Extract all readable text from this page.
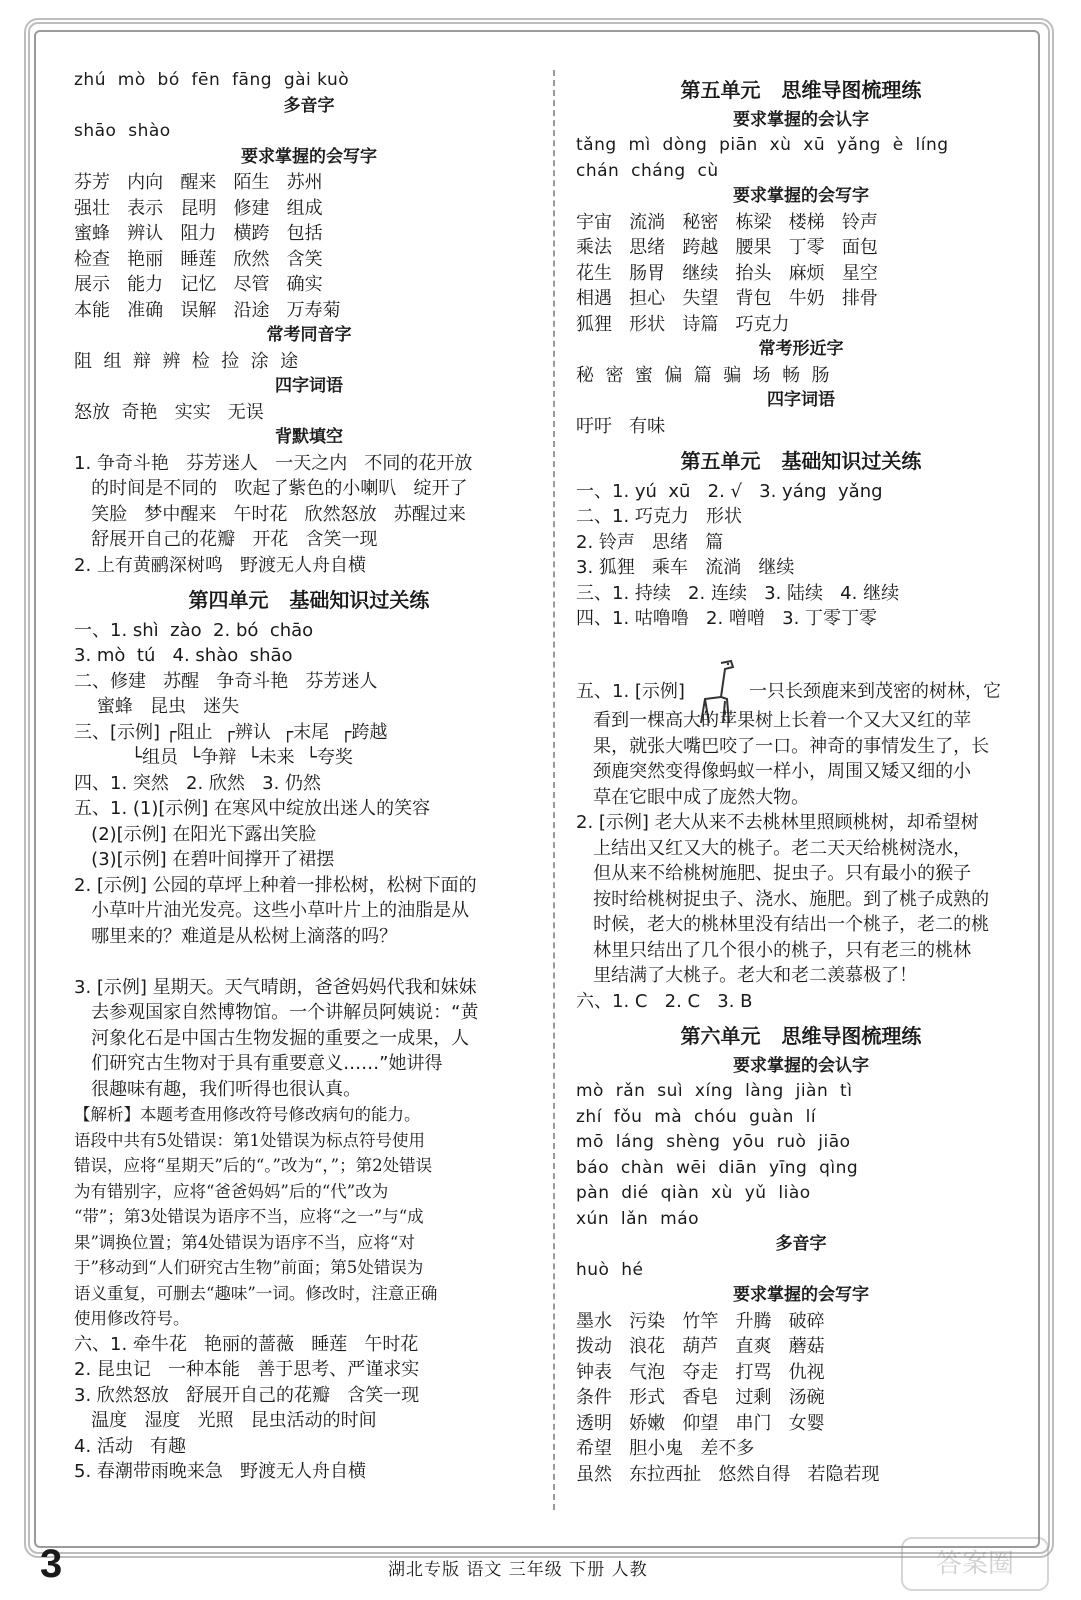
zhú  mò  bó  fēn  fāng  gài kuò
多音字
shāo  shào
要求掌握的会写字
芬芳   内向   醒来   陌生   苏州
强壮   表示   昆明   修建   组成
蜜蜂   辨认   阻力   横跨   包括
检查   艳丽   睡莲   欣然   含笑
展示   能力   记忆   尽管   确实
本能   准确   误解   沿途   万寿菊
常考同音字
阻  组  辩  辨  检  捡  涂  途
四字词语
怒放  奇艳   实实   无误
背默填空
1. 争奇斗艳   芬芳迷人   一天之内   不同的花开放
的时间是不同的   吹起了紫色的小喇叭   绽开了
笑脸   梦中醒来   午时花   欣然怒放   苏醒过来
舒展开自己的花瓣   开花   含笑一现
2. 上有黄鹂深树鸣   野渡无人舟自横
第四单元   基础知识过关练
一、1. shì  zào  2. bó  chāo
3. mò  tú   4. shào  shāo
二、修建   苏醒   争奇斗艳   芬芳迷人
蜜蜂   昆虫   迷失
三、[示例] ┌阻止  ┌辨认  ┌末尾  ┌跨越
└组员  └争辩  └未来  └夸奖
四、1. 突然   2. 欣然   3. 仍然
五、1. (1)[示例] 在寒风中绽放出迷人的笑容
(2)[示例] 在阳光下露出笑脸
(3)[示例] 在碧叶间撑开了裙摆
2. [示例] 公园的草坪上种着一排松树，松树下面的
小草叶片油光发亮。这些小草叶片上的油脂是从
哪里来的？难道是从松树上滴落的吗？
3. [示例] 星期天。天气晴朗，爸爸妈妈代我和妹妹
去参观国家自然博物馆。一个讲解员阿姨说：“黄
河象化石是中国古生物发掘的重要之一成果，人
们研究古生物对于具有重要意义……”她讲得
很趣味有趣，我们听得也很认真。
【解析】本题考查用修改符号修改病句的能力。
语段中共有5处错误：第1处错误为标点符号使用
错误，应将“星期天”后的“。”改为“，”；第2处错误
为有错别字，应将“爸爸妈妈”后的“代”改为
“带”；第3处错误为语序不当，应将“之一”与“成
果”调换位置；第4处错误为语序不当，应将“对
于”移动到“人们研究古生物”前面；第5处错误为
语义重复，可删去“趣味”一词。修改时，注意正确
使用修改符号。
六、1. 牵牛花   艳丽的蔷薇   睡莲   午时花
2. 昆虫记   一种本能   善于思考、严谨求实
3. 欣然怒放   舒展开自己的花瓣   含笑一现
温度   湿度   光照   昆虫活动的时间
4. 活动   有趣
5. 春潮带雨晚来急   野渡无人舟自横
第五单元   思维导图梳理练
要求掌握的会认字
tǎng  mì  dòng  piān  xù  xū  yǎng  è  líng
chán  cháng  cù
要求掌握的会写字
宇宙   流淌   秘密   栋梁   楼梯   铃声
乘法   思绪   跨越   腰果   丁零   面包
花生   肠胃   继续   抬头   麻烦   星空
相遇   担心   失望   背包   牛奶   排骨
狐狸   形状   诗篇   巧克力
常考形近字
秘  密  蜜  偏  篇  骗  场  畅  肠
四字词语
吁吁   有味
第五单元   基础知识过关练
一、1. yú  xū   2. √   3. yáng  yǎng
二、1. 巧克力   形状
2. 铃声   思绪   篇
3. 狐狸   乘车   流淌   继续
三、1. 持续   2. 连续   3. 陆续   4. 继续
四、1. 咕噜噜   2. 噌噌   3. 丁零丁零
五、1. [示例]	一只长颈鹿来到茂密的树林，它
看到一棵高大的苹果树上长着一个又大又红的苹
果，就张大嘴巴咬了一口。神奇的事情发生了，长
颈鹿突然变得像蚂蚁一样小，周围又矮又细的小
草在它眼中成了庞然大物。
2. [示例] 老大从来不去桃林里照顾桃树，却希望树
上结出又红又大的桃子。老二天天给桃树浇水，
但从来不给桃树施肥、捉虫子。只有最小的猴子
按时给桃树捉虫子、浇水、施肥。到了桃子成熟的
时候，老大的桃林里没有结出一个桃子，老二的桃
林里只结出了几个很小的桃子，只有老三的桃林
里结满了大桃子。老大和老二羡慕极了！
六、1. C   2. C   3. B
第六单元   思维导图梳理练
要求掌握的会认字
mò  rǎn  suì  xíng  làng  jiàn  tì
zhí  fǒu  mà  chóu  guàn  lí
mō  láng  shèng  yōu  ruò  jiāo
báo  chàn  wēi  diān  yīng  qìng
pàn  dié  qiàn  xù  yǔ  liào
xún  lǎn  máo
多音字
huò  hé
要求掌握的会写字
墨水   污染   竹竿   升腾   破碎
拨动   浪花   葫芦   直爽   蘑菇
钟表   气泡   夺走   打骂   仇视
条件   形式   香皂   过剩   汤碗
透明   娇嫩   仰望   串门   女婴
希望   胆小鬼   差不多
虽然   东拉西扯   悠然自得   若隐若现
3	湖北专版 语文 三年级 下册 人教	答案圈
